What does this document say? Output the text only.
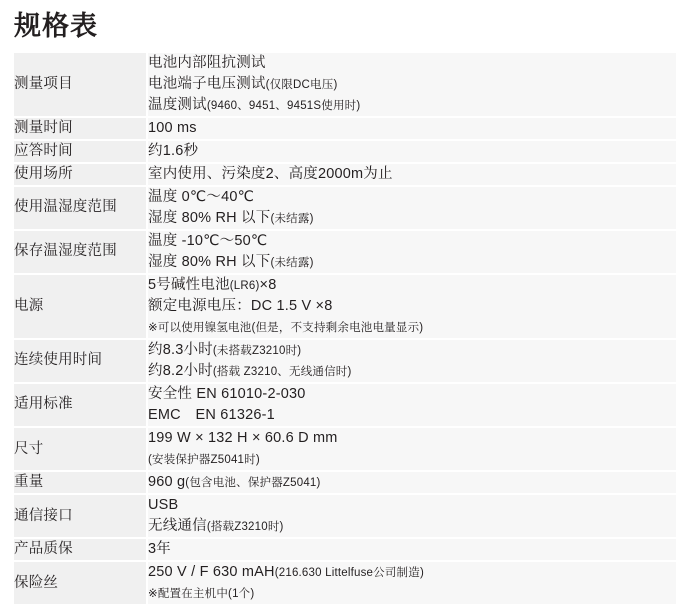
规格表
测量项目	电池内部阻抗测试
电池端子电压测试(仅限DC电压)
温度测试(9460、9451、9451S使用时)

测量时间	100 ms

应答时间	约1.6秒

使用场所	室内使用、污染度2、高度2000m为止

使用温湿度范围	温度 0℃～40℃
湿度 80% RH 以下(未结露)

保存温湿度范围	温度 -10℃～50℃
湿度 80% RH 以下(未结露)

电源	5号碱性电池(LR6)×8
额定电源电压：DC 1.5 V ×8
※可以使用镍氢电池(但是，不支持剩余电池电量显示)

连续使用时间	约8.3小时(未搭载Z3210时)
约8.2小时(搭载 Z3210、无线通信时)

适用标准	安全性 EN 61010‑2‑030
EMC　EN 61326‑1

尺寸	199 W × 132 H × 60.6 D mm
(安装保护器Z5041时)

重量	960 g(包含电池、保护器Z5041)

通信接口	USB
无线通信(搭载Z3210时)

产品质保	3年

保险丝	250 V / F 630 mAH(216.630 Littelfuse公司制造)
※配置在主机中(1个)
